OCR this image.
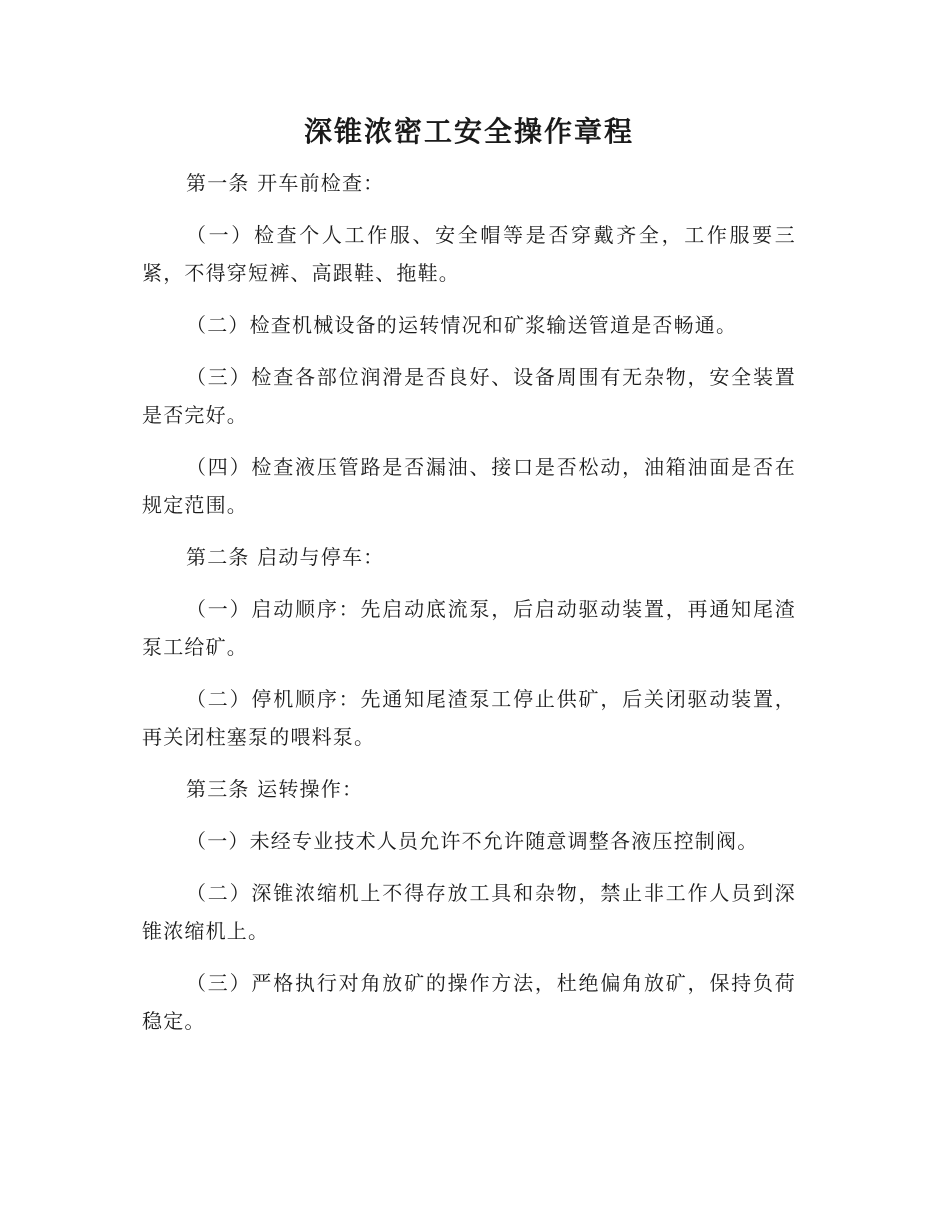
深锥浓密工安全操作章程

第一条 开车前检查：

（一）检查个人工作服、安全帽等是否穿戴齐全，工作服要三紧，不得穿短裤、高跟鞋、拖鞋。

（二）检查机械设备的运转情况和矿浆输送管道是否畅通。

（三）检查各部位润滑是否良好、设备周围有无杂物，安全装置是否完好。

（四）检查液压管路是否漏油、接口是否松动，油箱油面是否在规定范围。

第二条 启动与停车：

（一）启动顺序：先启动底流泵，后启动驱动装置，再通知尾渣泵工给矿。

（二）停机顺序：先通知尾渣泵工停止供矿，后关闭驱动装置，再关闭柱塞泵的喂料泵。

第三条 运转操作：

（一）未经专业技术人员允许不允许随意调整各液压控制阀。

（二）深锥浓缩机上不得存放工具和杂物，禁止非工作人员到深锥浓缩机上。

（三）严格执行对角放矿的操作方法，杜绝偏角放矿，保持负荷稳定。
